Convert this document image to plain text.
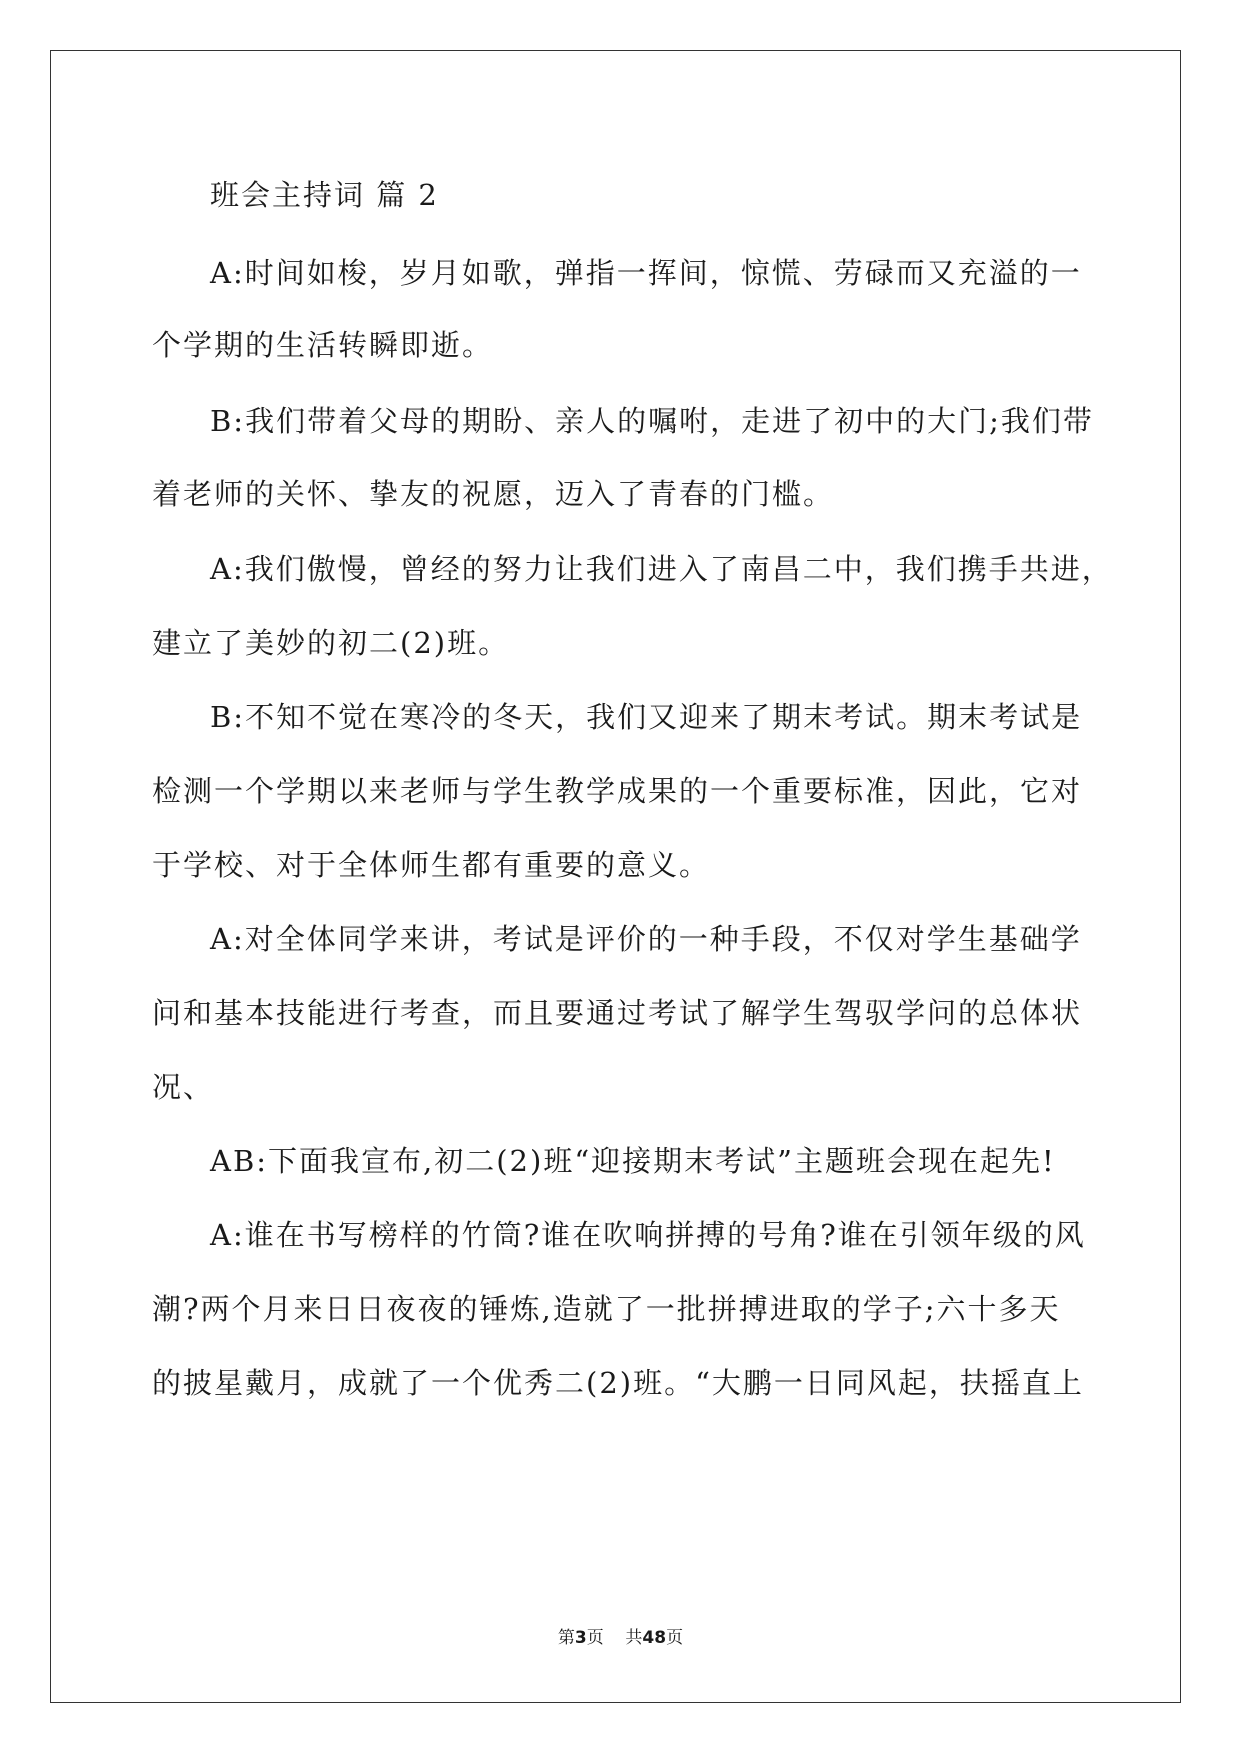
班会主持词 篇 2
A:时间如梭，岁月如歌，弹指一挥间，惊慌、劳碌而又充溢的一
个学期的生活转瞬即逝。
B:我们带着父母的期盼、亲人的嘱咐，走进了初中的大门;我们带
着老师的关怀、挚友的祝愿，迈入了青春的门槛。
A:我们傲慢，曾经的努力让我们进入了南昌二中，我们携手共进，
建立了美妙的初二(2)班。
B:不知不觉在寒冷的冬天，我们又迎来了期末考试。期末考试是
检测一个学期以来老师与学生教学成果的一个重要标准，因此，它对
于学校、对于全体师生都有重要的意义。
A:对全体同学来讲，考试是评价的一种手段，不仅对学生基础学
问和基本技能进行考查，而且要通过考试了解学生驾驭学问的总体状
况、
AB:下面我宣布,初二(2)班“迎接期末考试”主题班会现在起先!
A:谁在书写榜样的竹筒?谁在吹响拼搏的号角?谁在引领年级的风
潮?两个月来日日夜夜的锤炼,造就了一批拼搏进取的学子;六十多天
的披星戴月，成就了一个优秀二(2)班。“大鹏一日同风起，扶摇直上
第3页 共48页
